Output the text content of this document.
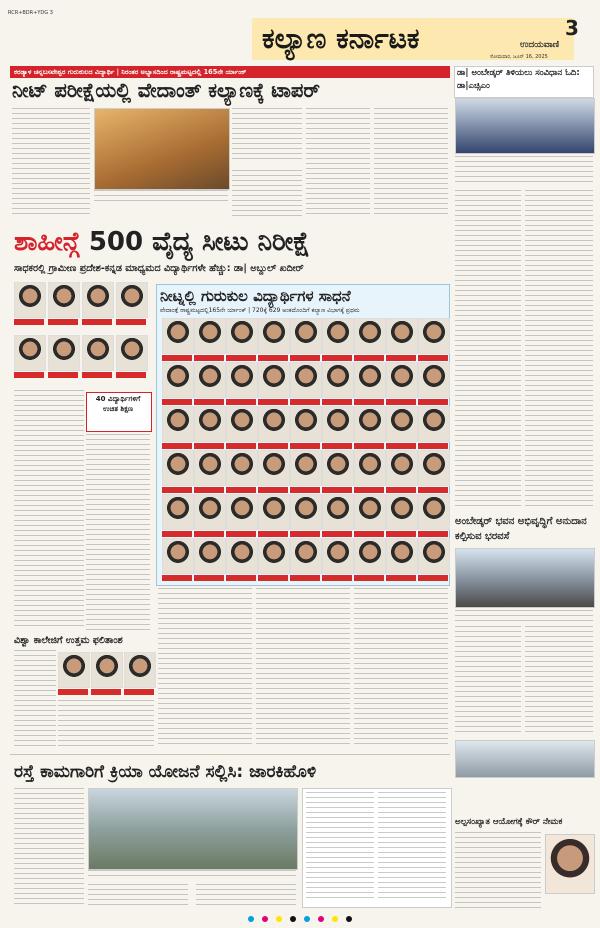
RCR+BDR+YDG 3
ಕಲ್ಯಾಣ ಕರ್ನಾಟಕ	3
ಉದಯವಾಣಿ
ಸೋಮವಾರ, ಜೂನ್ 16, 2025
ಕರಡ್ಯಾಳ ಚನ್ನಬಸವೇಶ್ವರ ಗುರುಕುಲದ ವಿದ್ಯಾರ್ಥಿ | ನಿರಂತರ ಅಭ್ಯಾಸದಿಂದ ರಾಷ್ಟ್ರಮಟ್ಟದಲ್ಲಿ 165ನೇ ರ್ಯಾಂಕ್
ನೀಟ್ ಪರೀಕ್ಷೆಯಲ್ಲಿ ವೇದಾಂತ್ ಕಲ್ಯಾಣಕ್ಕೆ ಟಾಪರ್
ಡಾ| ಅಂಬೇಡ್ಕರ್ ತಿಳಿಯಲು ಸಂವಿಧಾನ ಓದಿ: ಡಾ|ಎಚ್ಸಿಎಂ
ಶಾಹೀನ್ಗೆ 500 ವೈದ್ಯ ಸೀಟು ನಿರೀಕ್ಷೆ
ಸಾಧಕರಲ್ಲಿ ಗ್ರಾಮೀಣ ಪ್ರದೇಶ-ಕನ್ನಡ ಮಾಧ್ಯಮದ ವಿದ್ಯಾರ್ಥಿಗಳೇ ಹೆಚ್ಚು: ಡಾ| ಅಬ್ದುಲ್ ಖದೀರ್
40 ವಿದ್ಯಾರ್ಥಿಗಳಿಗೆ ಉಚಿತ ಶಿಕ್ಷಣ
ನೀಟ್ನಲ್ಲಿ ಗುರುಕುಲ ವಿದ್ಯಾರ್ಥಿಗಳ ಸಾಧನೆ
ವೇದಾಂತ್ಗೆ ರಾಷ್ಟ್ರಮಟ್ಟದಲ್ಲಿ165ನೇ ರ್ಯಾಂಕ್ | 720ಕ್ಕೆ 629 ಅಂಕದೊಂದಿಗೆ ಕಲ್ಯಾಣ ವಿಭಾಗಕ್ಕೆ ಪ್ರಥಮ
ವಿಶ್ವಾ ಕಾಲೇಜಿಗೆ ಉತ್ತಮ ಫಲಿತಾಂಶ
ಅಂಬೇಡ್ಕರ್ ಭವನ ಅಭಿವೃದ್ಧಿಗೆ ಅನುದಾನ ಕಲ್ಪಿಸುವ ಭರವಸೆ
ರಸ್ತೆ ಕಾಮಗಾರಿಗೆ ಕ್ರಿಯಾ ಯೋಜನೆ ಸಲ್ಲಿಸಿ: ಜಾರಕಿಹೊಳಿ
ಅಲ್ಪಸಂಖ್ಯಾತ ಆಯೋಗಕ್ಕೆ ಕೌರ್ ನೇಮಕ
